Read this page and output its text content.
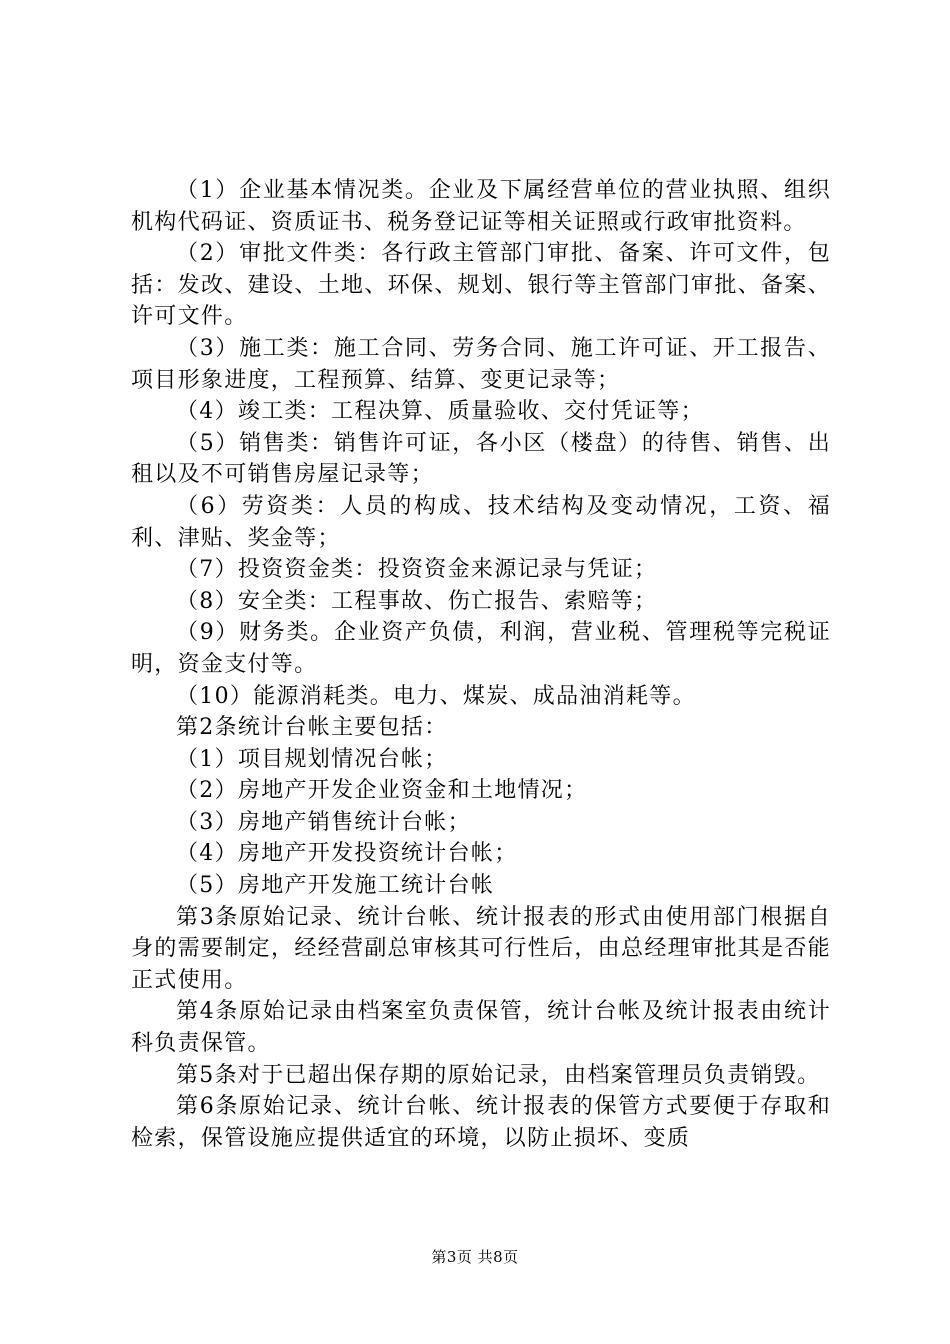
（1）企业基本情况类。企业及下属经营单位的营业执照、组织机构代码证、资质证书、税务登记证等相关证照或行政审批资料。

（2）审批文件类：各行政主管部门审批、备案、许可文件，包括：发改、建设、土地、环保、规划、银行等主管部门审批、备案、许可文件。

（3）施工类：施工合同、劳务合同、施工许可证、开工报告、项目形象进度，工程预算、结算、变更记录等；

（4）竣工类：工程决算、质量验收、交付凭证等；

（5）销售类：销售许可证，各小区（楼盘）的待售、销售、出租以及不可销售房屋记录等；

（6）劳资类：人员的构成、技术结构及变动情况，工资、福利、津贴、奖金等；

（7）投资资金类：投资资金来源记录与凭证；

（8）安全类：工程事故、伤亡报告、索赔等；

（9）财务类。企业资产负债，利润，营业税、管理税等完税证明，资金支付等。

（10）能源消耗类。电力、煤炭、成品油消耗等。

第2条统计台帐主要包括：

（1）项目规划情况台帐；

（2）房地产开发企业资金和土地情况；

（3）房地产销售统计台帐；

（4）房地产开发投资统计台帐；

（5）房地产开发施工统计台帐

第3条原始记录、统计台帐、统计报表的形式由使用部门根据自身的需要制定，经经营副总审核其可行性后，由总经理审批其是否能正式使用。

第4条原始记录由档案室负责保管，统计台帐及统计报表由统计科负责保管。

第5条对于已超出保存期的原始记录，由档案管理员负责销毁。

第6条原始记录、统计台帐、统计报表的保管方式要便于存取和检索，保管设施应提供适宜的环境，以防止损坏、变质

第3页 共8页
